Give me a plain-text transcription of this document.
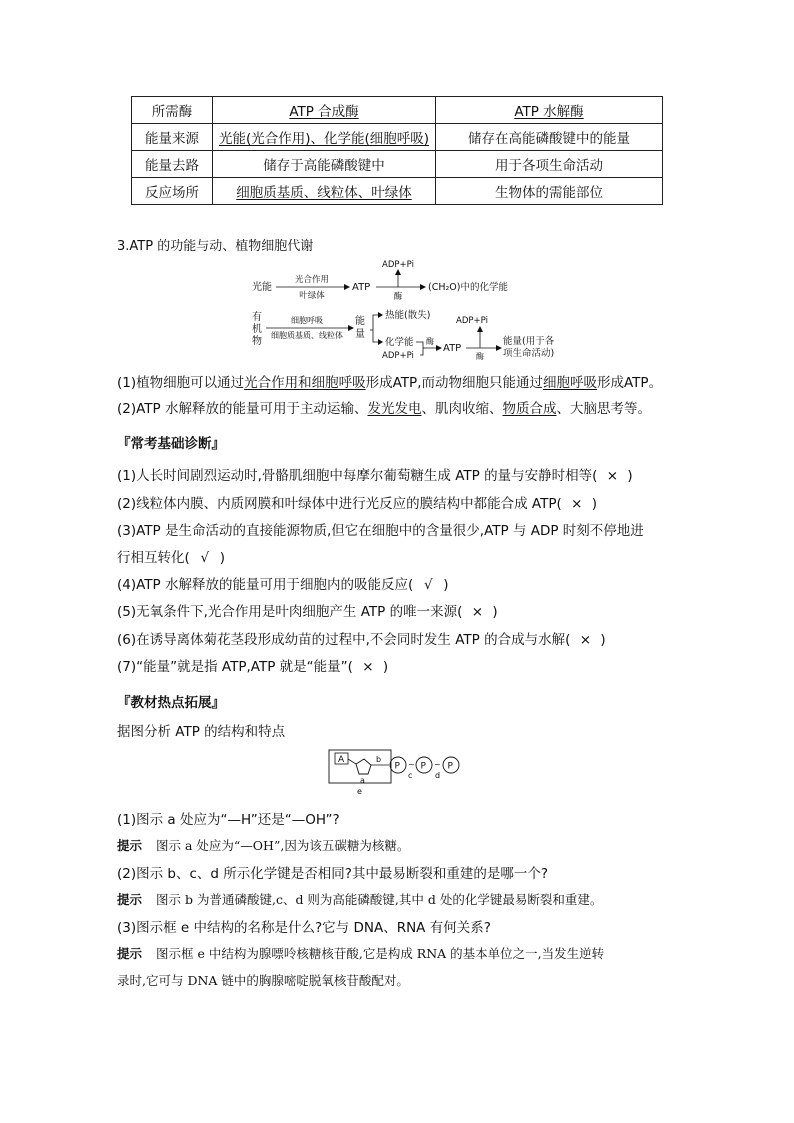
所需酶	ATP 合成酶	ATP 水解酶
能量来源	光能(光合作用)、化学能(细胞呼吸)	储存在高能磷酸键中的能量
能量去路	储存于高能磷酸键中	用于各项生命活动
反应场所	细胞质基质、线粒体、叶绿体	生物体的需能部位
3.ATP 的功能与动、植物细胞代谢
光能
光合作用
叶绿体
ATP
ADP+Pi
酶
(CH₂O)中的化学能
有
机
物
细胞呼吸
细胞质基质、线粒体
能
量
热能(散失)
化学能
ADP+Pi
酶
ATP
ADP+Pi
酶
能量(用于各
项生命活动)
(1)植物细胞可以通过光合作用和细胞呼吸形成ATP,而动物细胞只能通过细胞呼吸形成ATP。
(2)ATP 水解释放的能量可用于主动运输、发光发电、肌肉收缩、物质合成、大脑思考等。
『常考基础诊断』
(1)人长时间剧烈运动时,骨骼肌细胞中每摩尔葡萄糖生成 ATP 的量与安静时相等( × )
(2)线粒体内膜、内质网膜和叶绿体中进行光反应的膜结构中都能合成 ATP( × )
(3)ATP 是生命活动的直接能源物质,但它在细胞中的含量很少,ATP 与 ADP 时刻不停地进
行相互转化( √ )
(4)ATP 水解释放的能量可用于细胞内的吸能反应( √ )
(5)无氧条件下,光合作用是叶肉细胞产生 ATP 的唯一来源( × )
(6)在诱导离体菊花茎段形成幼苗的过程中,不会同时发生 ATP 的合成与水解( × )
(7)“能量”就是指 ATP,ATP 就是“能量”( × )
『教材热点拓展』
据图分析 ATP 的结构和特点
A
a
b
P ~
c
P ~
d
P
e
(1)图示 a 处应为“—H”还是“—OH”?
提示 图示 a 处应为“—OH”,因为该五碳糖为核糖。
(2)图示 b、c、d 所示化学键是否相同?其中最易断裂和重建的是哪一个?
提示 图示 b 为普通磷酸键,c、d 则为高能磷酸键,其中 d 处的化学键最易断裂和重建。
(3)图示框 e 中结构的名称是什么?它与 DNA、RNA 有何关系?
提示 图示框 e 中结构为腺嘌呤核糖核苷酸,它是构成 RNA 的基本单位之一,当发生逆转
录时,它可与 DNA 链中的胸腺嘧啶脱氧核苷酸配对。
